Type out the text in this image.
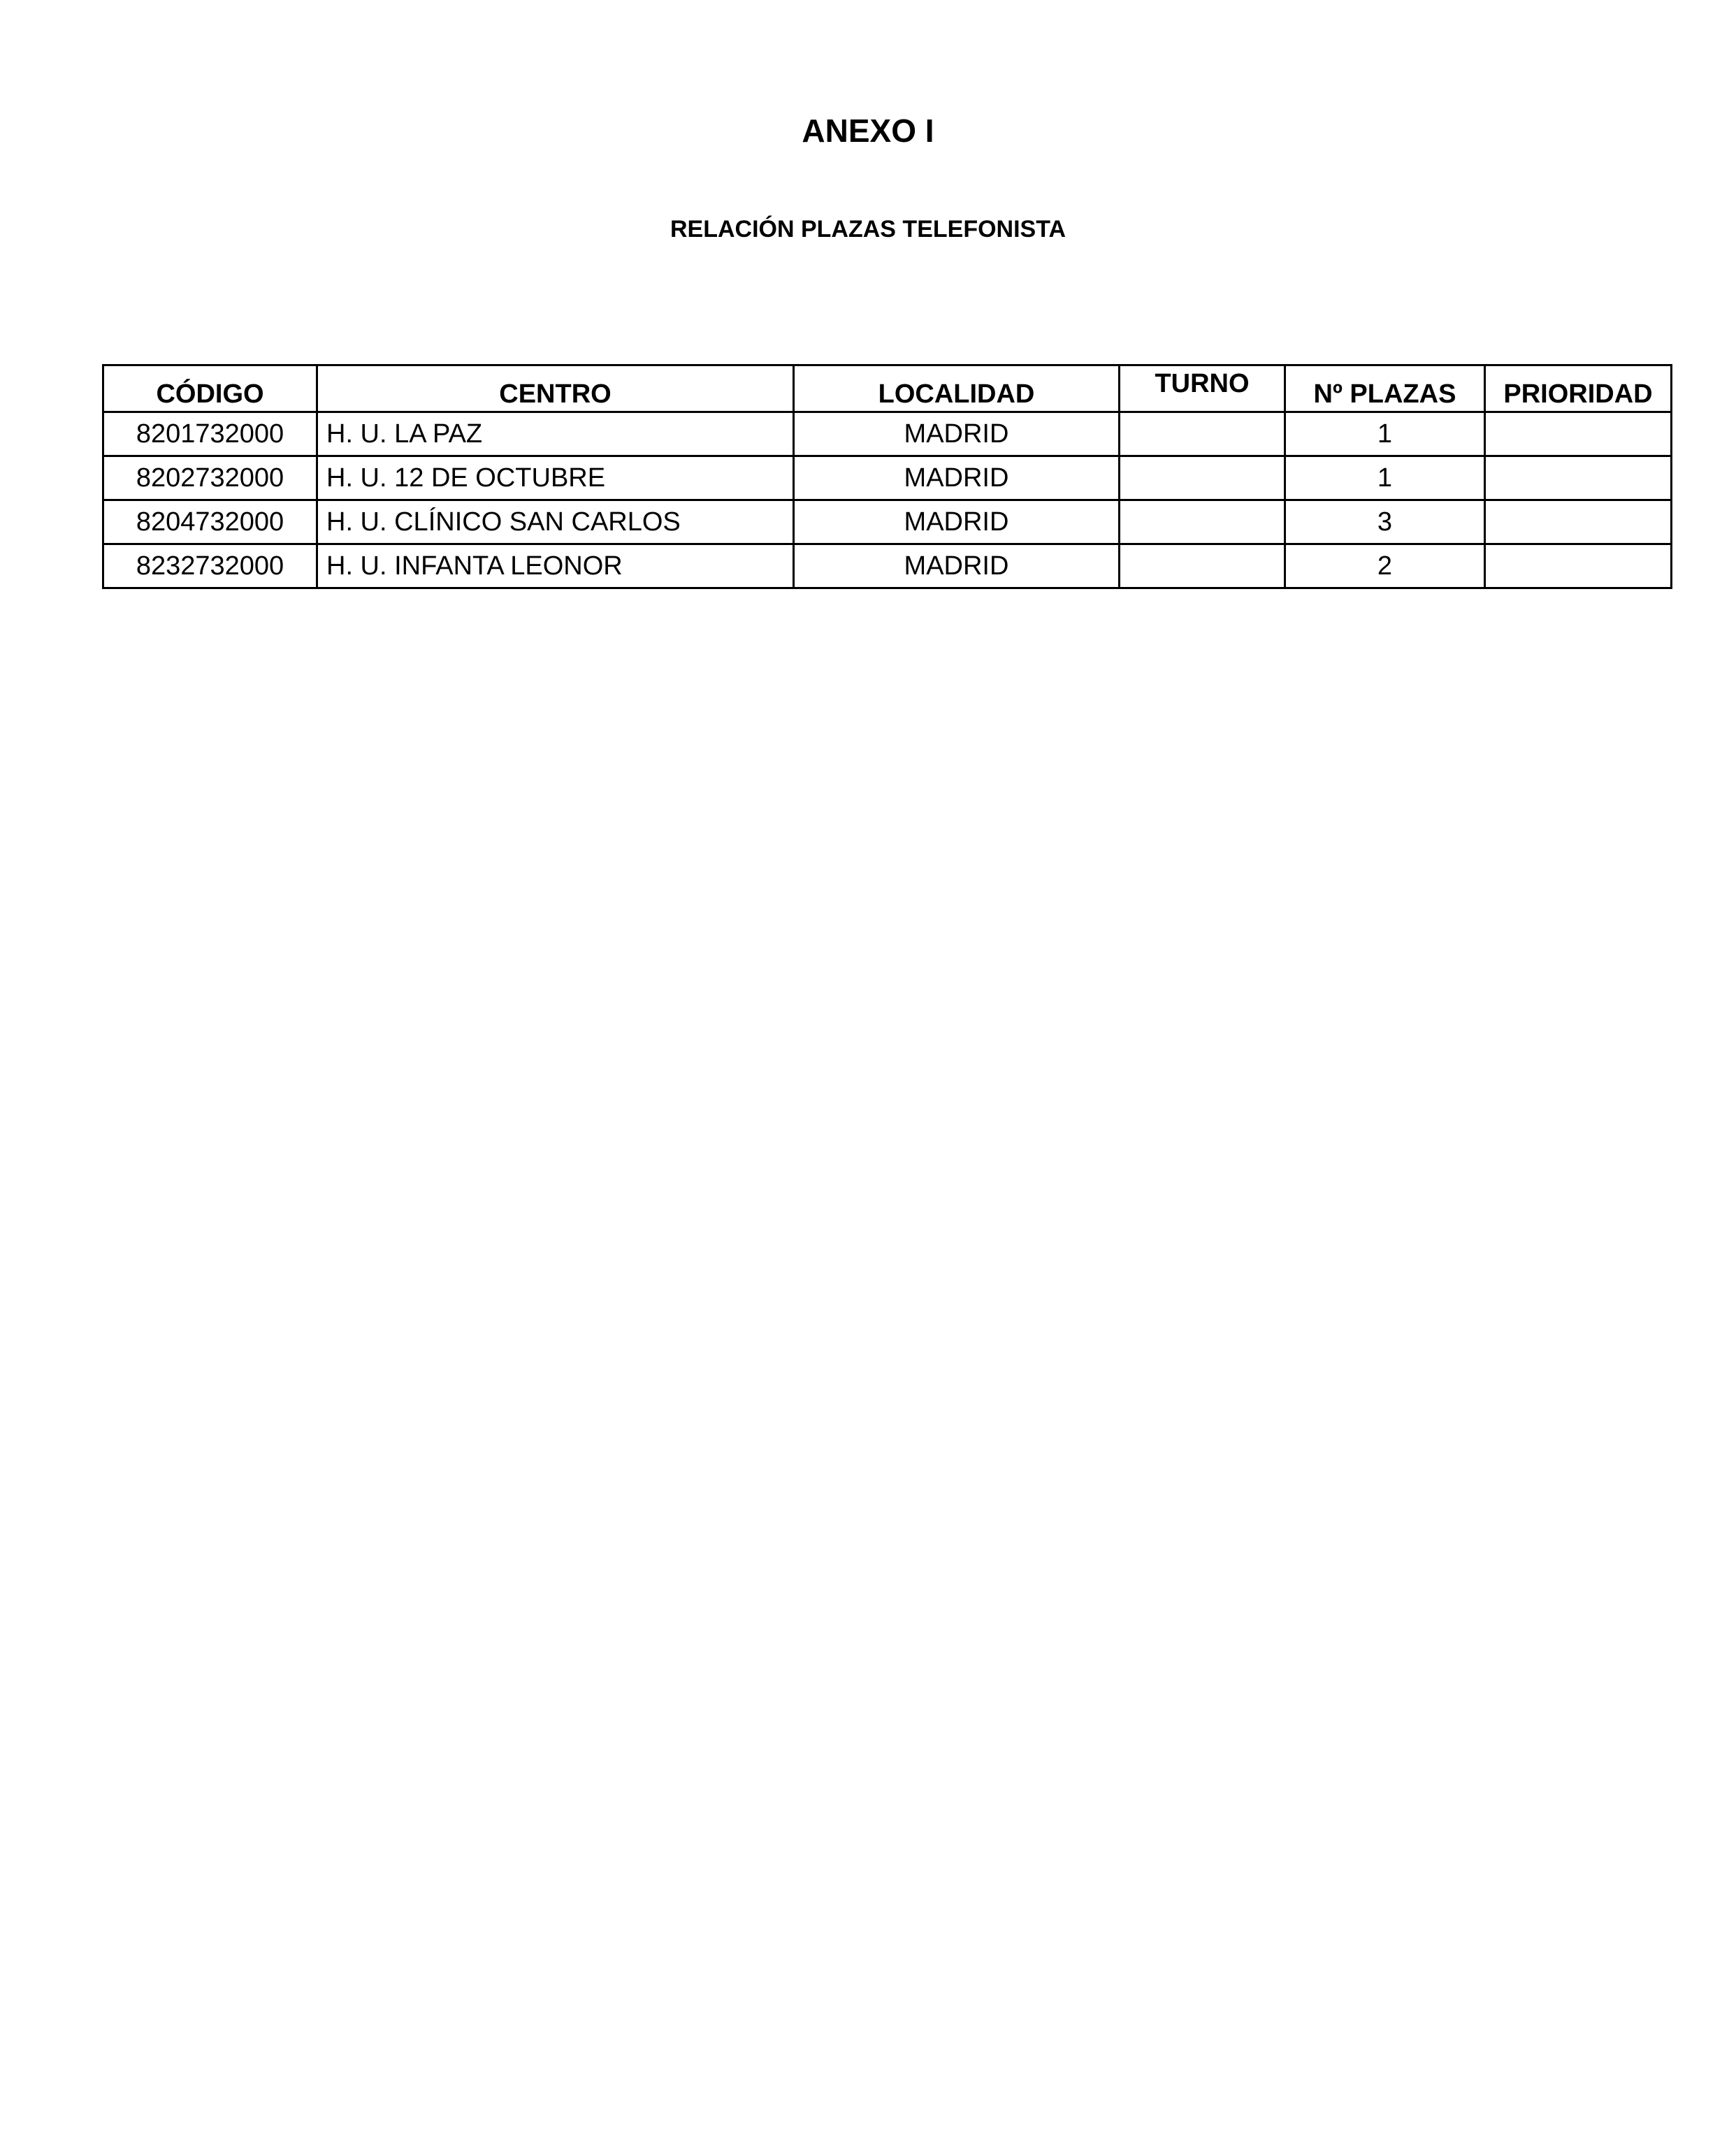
ANEXO I
RELACIÓN PLAZAS TELEFONISTA
CÓDIGO	CENTRO	LOCALIDAD	TURNO	Nº PLAZAS	PRIORIDAD
8201732000	H. U. LA PAZ	MADRID		1	
8202732000	H. U. 12 DE OCTUBRE	MADRID		1	
8204732000	H. U. CLÍNICO SAN CARLOS	MADRID		3	
8232732000	H. U. INFANTA LEONOR	MADRID		2	
